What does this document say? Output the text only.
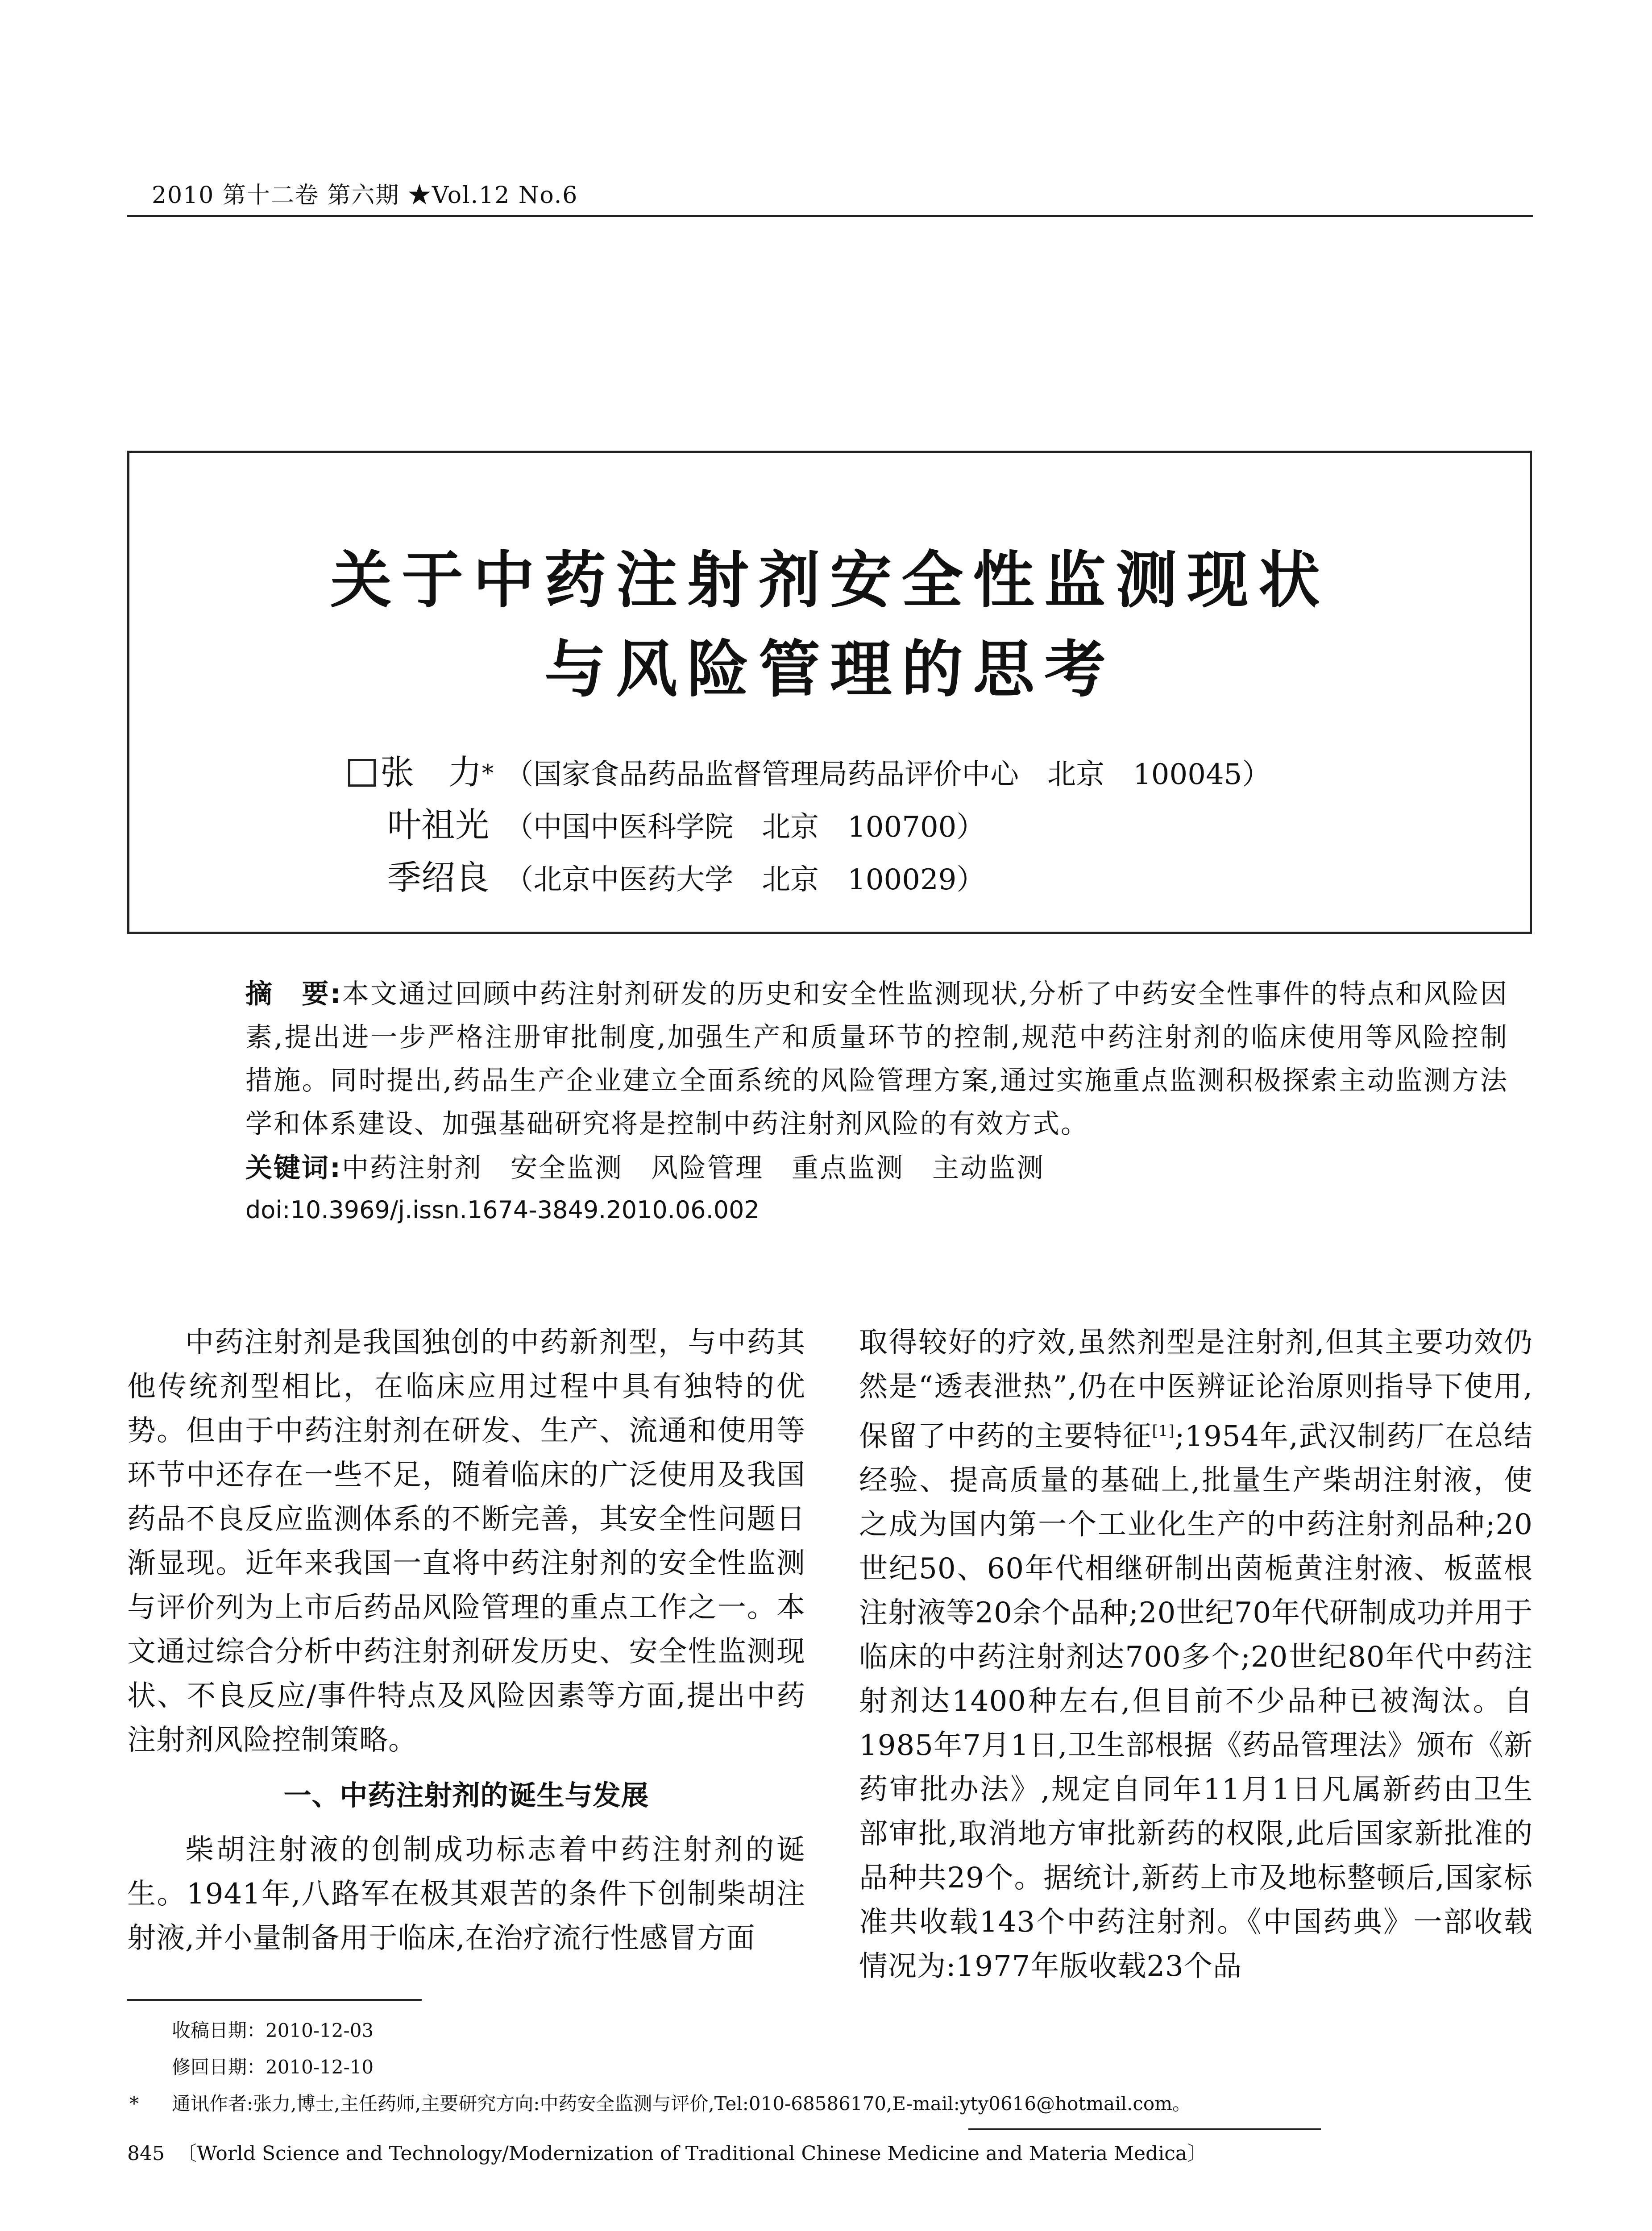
2010 第十二卷 第六期 ★Vol.12 No.6
关于中药注射剂安全性监测现状
与风险管理的思考
张　力* （国家食品药品监督管理局药品评价中心　北京　100045）
叶祖光 （中国中医科学院　北京　100700）
季绍良 （北京中医药大学　北京　100029）
摘　要:本文通过回顾中药注射剂研发的历史和安全性监测现状,分析了中药安全性事件的特点和风险因素,提出进一步严格注册审批制度,加强生产和质量环节的控制,规范中药注射剂的临床使用等风险控制措施。同时提出,药品生产企业建立全面系统的风险管理方案,通过实施重点监测积极探索主动监测方法学和体系建设、加强基础研究将是控制中药注射剂风险的有效方式。
关键词:中药注射剂　安全监测　风险管理　重点监测　主动监测
doi:10.3969/j.issn.1674-3849.2010.06.002

中药注射剂是我国独创的中药新剂型，与中药其他传统剂型相比，在临床应用过程中具有独特的优势。但由于中药注射剂在研发、生产、流通和使用等环节中还存在一些不足，随着临床的广泛使用及我国药品不良反应监测体系的不断完善，其安全性问题日渐显现。近年来我国一直将中药注射剂的安全性监测与评价列为上市后药品风险管理的重点工作之一。本文通过综合分析中药注射剂研发历史、安全性监测现状、不良反应/事件特点及风险因素等方面,提出中药注射剂风险控制策略。

一、中药注射剂的诞生与发展

柴胡注射液的创制成功标志着中药注射剂的诞生。1941年,八路军在极其艰苦的条件下创制柴胡注射液,并小量制备用于临床,在治疗流行性感冒方面

取得较好的疗效,虽然剂型是注射剂,但其主要功效仍然是“透表泄热”,仍在中医辨证论治原则指导下使用,保留了中药的主要特征[1];1954年,武汉制药厂在总结经验、提高质量的基础上,批量生产柴胡注射液，使之成为国内第一个工业化生产的中药注射剂品种;20世纪50、60年代相继研制出茵栀黄注射液、板蓝根注射液等20余个品种;20世纪70年代研制成功并用于临床的中药注射剂达700多个;20世纪80年代中药注射剂达1400种左右,但目前不少品种已被淘汰。自1985年7月1日,卫生部根据《药品管理法》颁布《新药审批办法》,规定自同年11月1日凡属新药由卫生部审批,取消地方审批新药的权限,此后国家新批准的品种共29个。据统计,新药上市及地标整顿后,国家标准共收载143个中药注射剂。《中国药典》一部收载情况为:1977年版收载23个品

收稿日期：2010-12-03
修回日期：2010-12-10
* 通讯作者:张力,博士,主任药师,主要研究方向:中药安全监测与评价,Tel:010-68586170,E-mail:yty0616@hotmail.com。
845 〔World Science and Technology/Modernization of Traditional Chinese Medicine and Materia Medica〕
